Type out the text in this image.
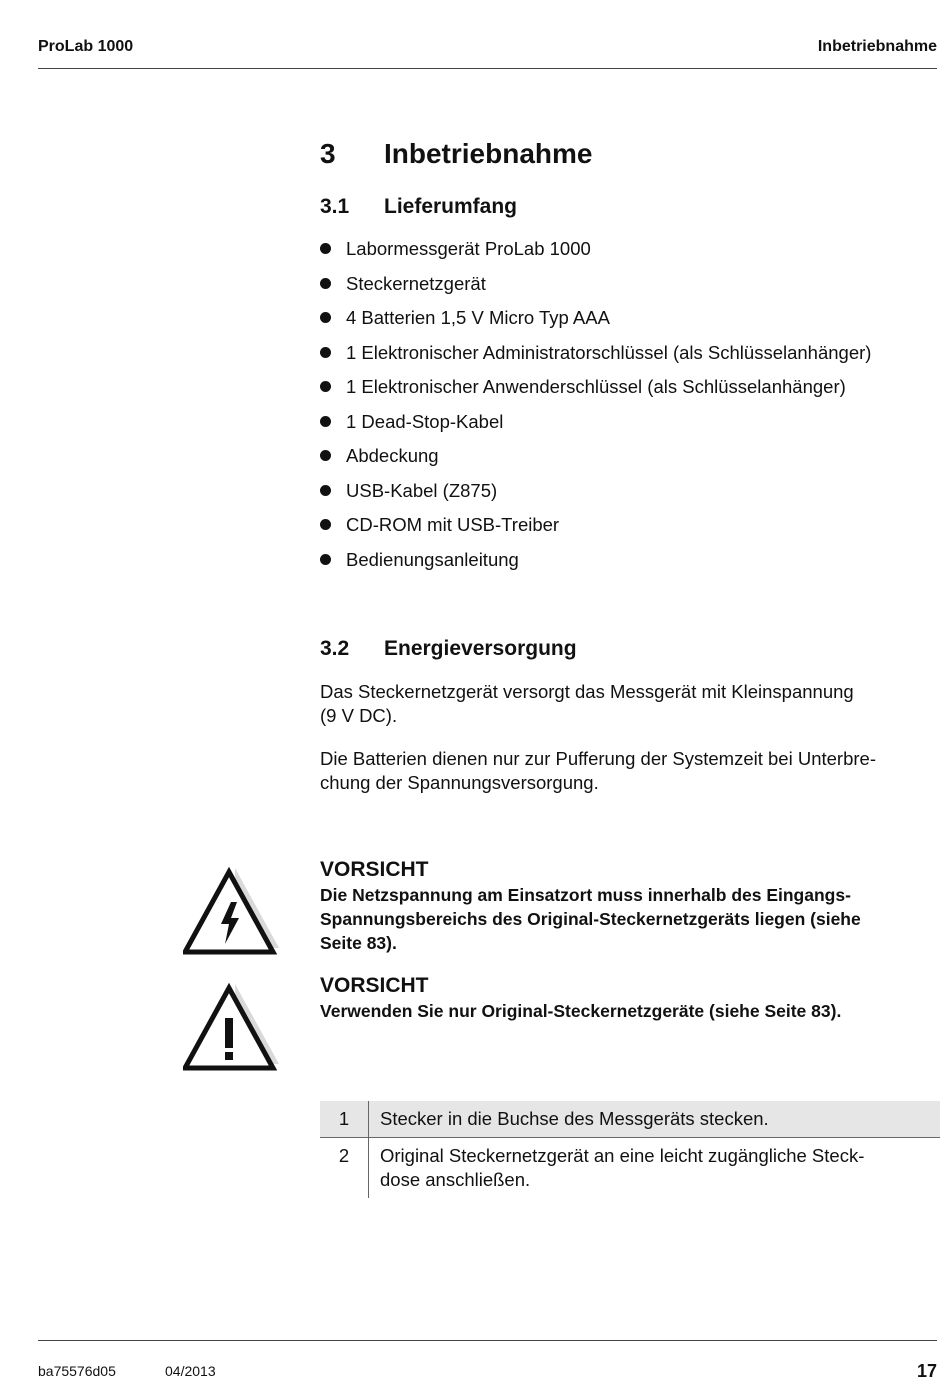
ProLab 1000	Inbetriebnahme
3 Inbetriebnahme
3.1 Lieferumfang
Labormessgerät ProLab 1000
Steckernetzgerät
4 Batterien 1,5 V Micro Typ AAA
1 Elektronischer Administratorschlüssel (als Schlüsselanhänger)
1 Elektronischer Anwenderschlüssel (als Schlüsselanhänger)
1 Dead-Stop-Kabel
Abdeckung
USB-Kabel (Z875)
CD-ROM mit USB-Treiber
Bedienungsanleitung
3.2 Energieversorgung

Das Steckernetzgerät versorgt das Messgerät mit Kleinspannung
(9 V DC).

Die Batterien dienen nur zur Pufferung der Systemzeit bei Unterbre-
chung der Spannungsversorgung.

VORSICHT

Die Netzspannung am Einsatzort muss innerhalb des Eingangs-
Spannungsbereichs des Original-Steckernetzgeräts liegen (siehe
Seite 83).

VORSICHT

Verwenden Sie nur Original-Steckernetzgeräte (siehe Seite 83).

1	Stecker in die Buchse des Messgeräts stecken.
2	Original Steckernetzgerät an eine leicht zugängliche Steck-
dose anschließen.
ba75576d05	04/2013	17
